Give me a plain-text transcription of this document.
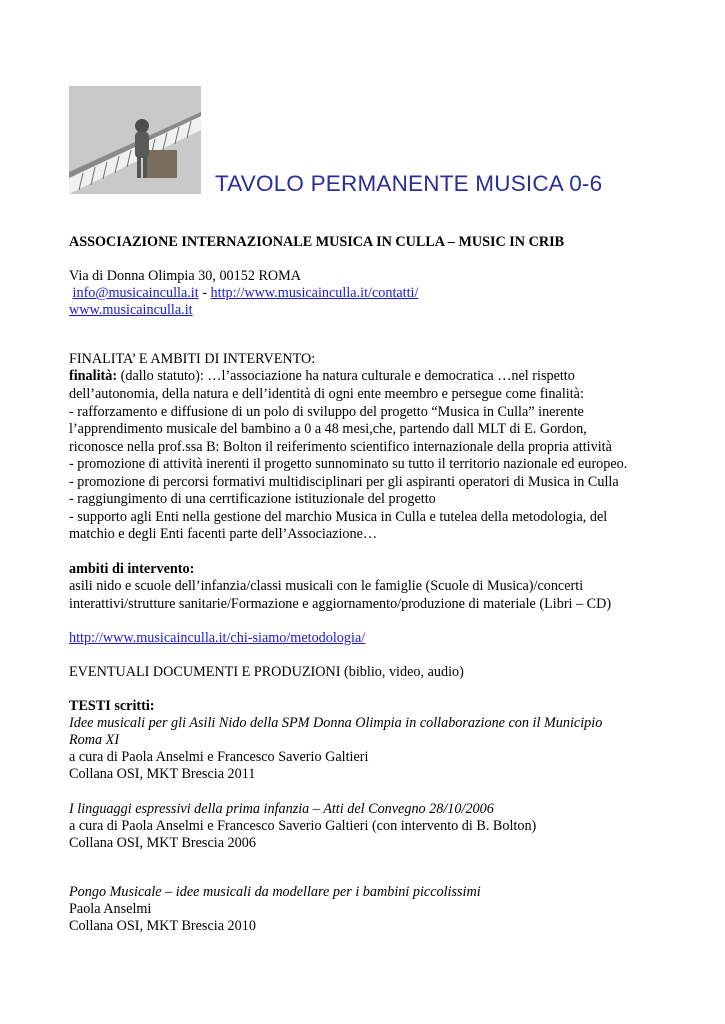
TAVOLO PERMANENTE MUSICA 0-6
ASSOCIAZIONE INTERNAZIONALE MUSICA IN CULLA – MUSIC IN CRIB
Via di Donna Olimpia 30, 00152 ROMA
info@musicainculla.it - http://www.musicainculla.it/contatti/
www.musicainculla.it
FINALITA’ E AMBITI DI INTERVENTO:
finalità: (dallo statuto): …l’associazione ha natura culturale e democratica …nel rispetto
dell’autonomia, della natura e dell’identità di ogni ente meembro e persegue come finalità:
- rafforzamento e diffusione di un polo di sviluppo del progetto “Musica in Culla” inerente
l’apprendimento musicale del bambino a 0 a 48 mesi,che, partendo dall MLT di E. Gordon,
riconosce nella prof.ssa B: Bolton il reiferimento scientifico internazionale della propria attività
- promozione di attività inerenti il progetto sunnominato su tutto il territorio nazionale ed europeo.
- promozione di percorsi formativi multidisciplinari per gli aspiranti operatori di Musica in Culla
- raggiungimento di una cerrtificazione istituzionale del progetto
- supporto agli Enti nella gestione del marchio Musica in Culla e tutelea della metodologia, del
matchio e degli Enti facenti parte dell’Associazione…
ambiti di intervento:
asili nido e scuole dell’infanzia/classi musicali con le famiglie (Scuole di Musica)/concerti
interattivi/strutture sanitarie/Formazione e aggiornamento/produzione di materiale (Libri – CD)
http://www.musicainculla.it/chi-siamo/metodologia/
EVENTUALI DOCUMENTI E PRODUZIONI (biblio, video, audio)
TESTI scritti:
Idee musicali per gli Asili Nido della SPM Donna Olimpia in collaborazione con il Municipio
Roma XI
a cura di Paola Anselmi e Francesco Saverio Galtieri
Collana OSI, MKT Brescia 2011
I linguaggi espressivi della prima infanzia – Atti del Convegno 28/10/2006
a cura di Paola Anselmi e Francesco Saverio Galtieri (con intervento di B. Bolton)
Collana OSI, MKT Brescia 2006
Pongo Musicale – idee musicali da modellare per i bambini piccolissimi
Paola Anselmi
Collana OSI, MKT Brescia 2010
